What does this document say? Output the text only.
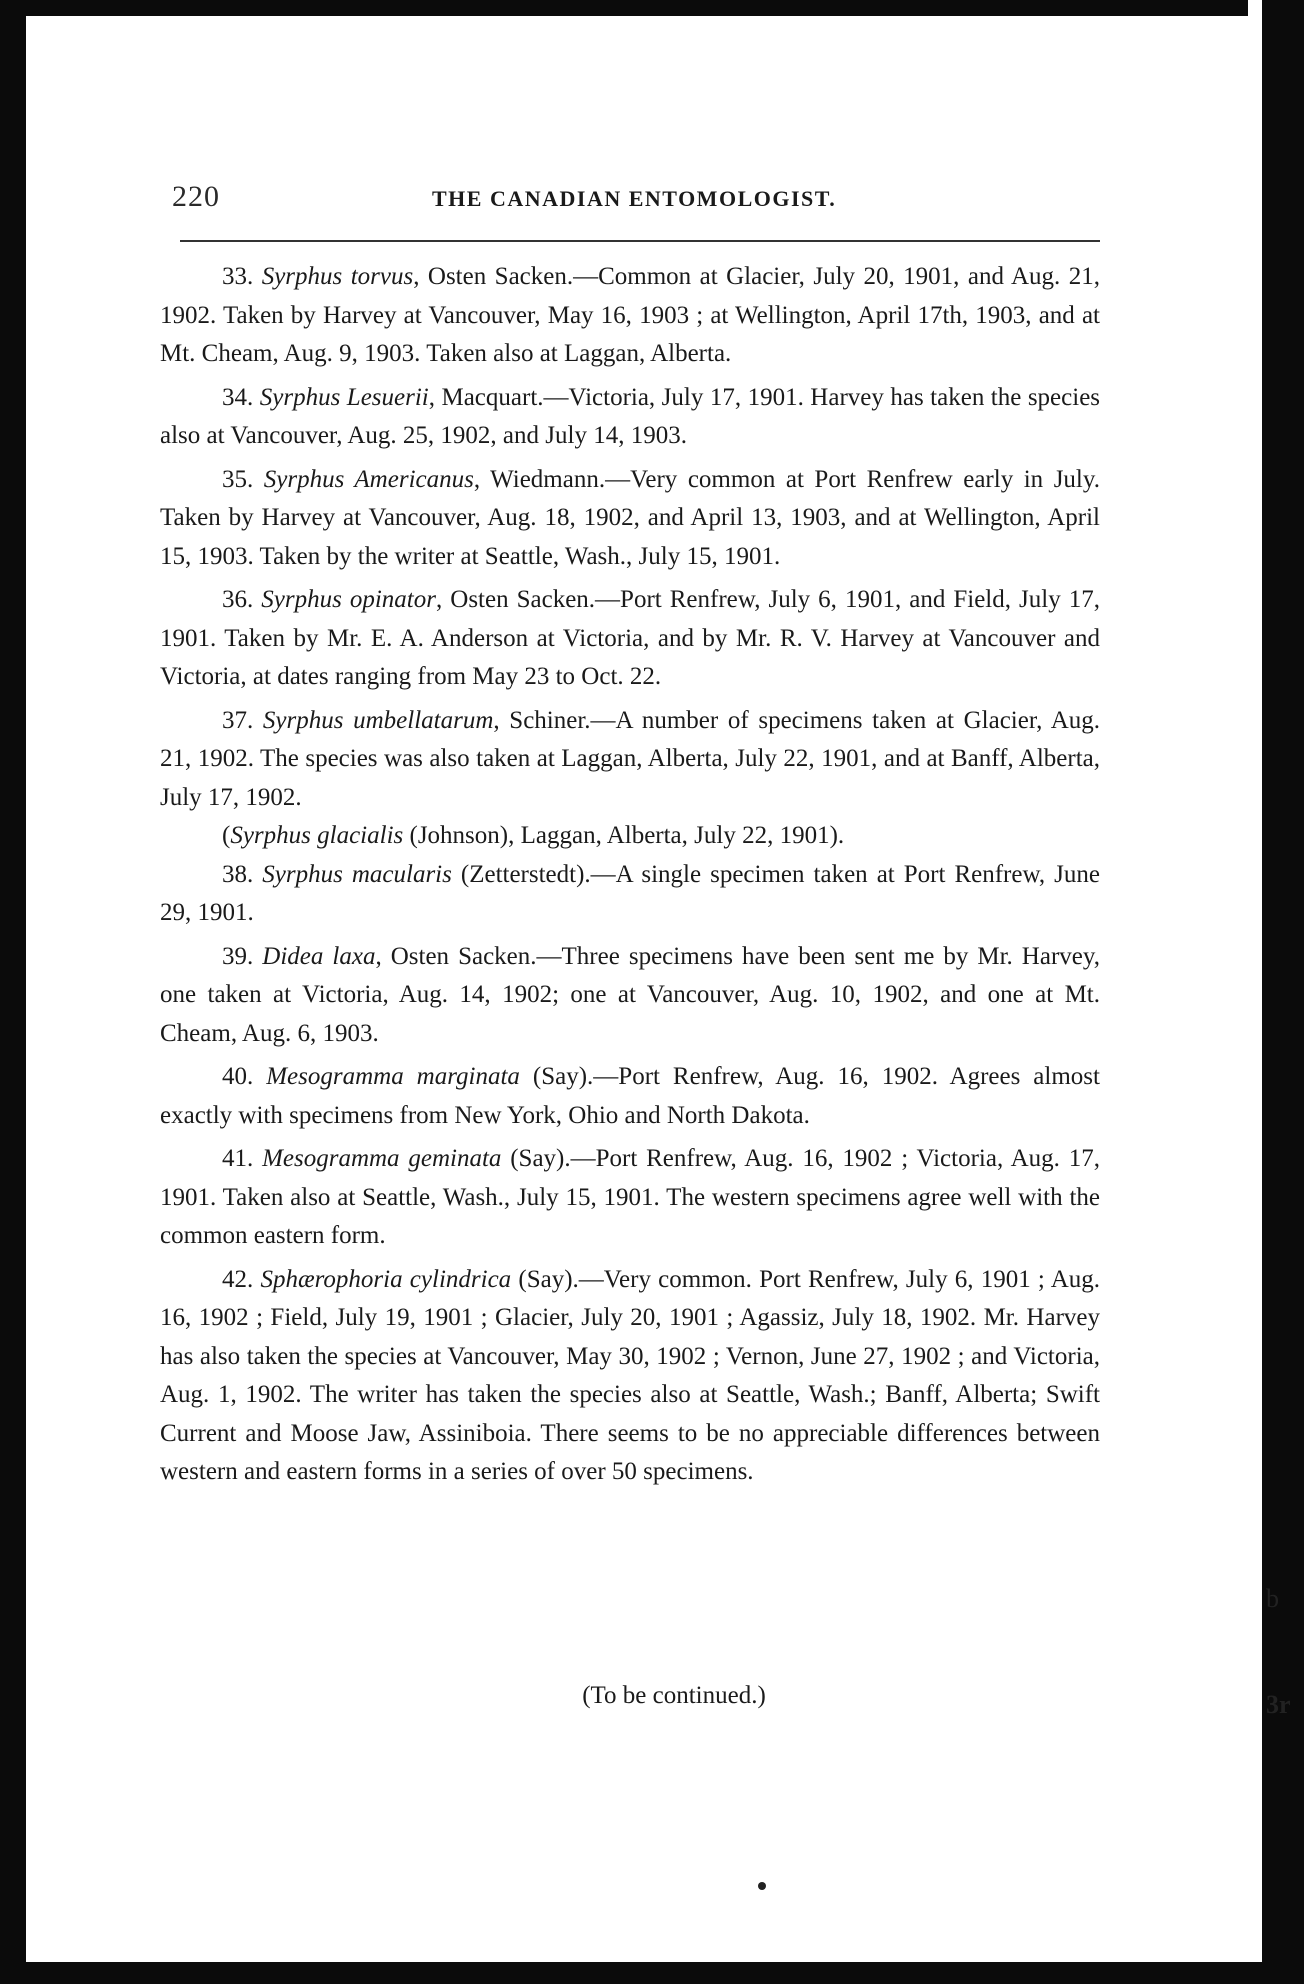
220	THE CANADIAN ENTOMOLOGIST.

33. Syrphus torvus, Osten Sacken.—Common at Glacier, July 20, 1901, and Aug. 21, 1902. Taken by Harvey at Vancouver, May 16, 1903 ; at Wellington, April 17th, 1903, and at Mt. Cheam, Aug. 9, 1903. Taken also at Laggan, Alberta.

34. Syrphus Lesuerii, Macquart.—Victoria, July 17, 1901. Harvey has taken the species also at Vancouver, Aug. 25, 1902, and July 14, 1903.

35. Syrphus Americanus, Wiedmann.—Very common at Port Renfrew early in July. Taken by Harvey at Vancouver, Aug. 18, 1902, and April 13, 1903, and at Wellington, April 15, 1903. Taken by the writer at Seattle, Wash., July 15, 1901.

36. Syrphus opinator, Osten Sacken.—Port Renfrew, July 6, 1901, and Field, July 17, 1901. Taken by Mr. E. A. Anderson at Victoria, and by Mr. R. V. Harvey at Vancouver and Victoria, at dates ranging from May 23 to Oct. 22.

37. Syrphus umbellatarum, Schiner.—A number of specimens taken at Glacier, Aug. 21, 1902. The species was also taken at Laggan, Alberta, July 22, 1901, and at Banff, Alberta, July 17, 1902.

(Syrphus glacialis (Johnson), Laggan, Alberta, July 22, 1901).

38. Syrphus macularis (Zetterstedt).—A single specimen taken at Port Renfrew, June 29, 1901.

39. Didea laxa, Osten Sacken.—Three specimens have been sent me by Mr. Harvey, one taken at Victoria, Aug. 14, 1902; one at Vancouver, Aug. 10, 1902, and one at Mt. Cheam, Aug. 6, 1903.

40. Mesogramma marginata (Say).—Port Renfrew, Aug. 16, 1902. Agrees almost exactly with specimens from New York, Ohio and North Dakota.

41. Mesogramma geminata (Say).—Port Renfrew, Aug. 16, 1902 ; Victoria, Aug. 17, 1901. Taken also at Seattle, Wash., July 15, 1901. The western specimens agree well with the common eastern form.

42. Sphærophoria cylindrica (Say).—Very common. Port Renfrew, July 6, 1901 ; Aug. 16, 1902 ; Field, July 19, 1901 ; Glacier, July 20, 1901 ; Agassiz, July 18, 1902. Mr. Harvey has also taken the species at Vancouver, May 30, 1902 ; Vernon, June 27, 1902 ; and Victoria, Aug. 1, 1902. The writer has taken the species also at Seattle, Wash.; Banff, Alberta; Swift Current and Moose Jaw, Assiniboia. There seems to be no appreciable differences between western and eastern forms in a series of over 50 specimens.

(To be continued.)
b
3r
